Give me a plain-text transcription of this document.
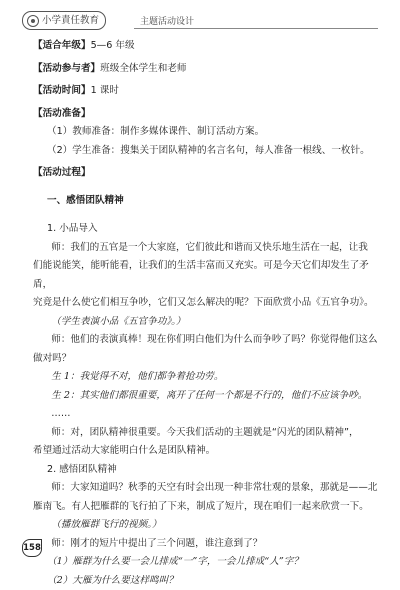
小学責任教育	主题活动设计

【适合年级】5—6 年级

【活动参与者】班级全体学生和老师

【活动时间】1 课时

【活动准备】

（1）教师准备：制作多媒体课件、制订活动方案。

（2）学生准备：搜集关于团队精神的名言名句，每人准备一根线、一枚针。

【活动过程】

一、感悟团队精神

1. 小品导入

师：我们的五官是一个大家庭，它们彼此和谐而又快乐地生活在一起，让我

们能说能笑，能听能看，让我们的生活丰富而又充实。可是今天它们却发生了矛盾，

究竟是什么使它们相互争吵，它们又怎么解决的呢？下面欣赏小品《五官争功》。

（学生表演小品《五官争功》。）

师：他们的表演真棒！现在你们明白他们为什么而争吵了吗？你觉得他们这么

做对吗？

生 1：我觉得不对，他们都争着抢功劳。

生 2：其实他们都很重要，离开了任何一个都是不行的，他们不应该争吵。

……

师：对，团队精神很重要。今天我们活动的主题就是“闪光的团队精神”，

希望通过活动大家能明白什么是团队精神。

2. 感悟团队精神

师：大家知道吗？秋季的天空有时会出现一种非常壮观的景象，那就是——北

雁南飞。有人把雁群的飞行拍了下来，制成了短片，现在咱们一起来欣赏一下。

（播放雁群飞行的视频。）

师：刚才的短片中提出了三个问题，谁注意到了？

（1）雁群为什么要一会儿排成“一”字，一会儿排成“人”字？

（2）大雁为什么要这样鸣叫？

158
